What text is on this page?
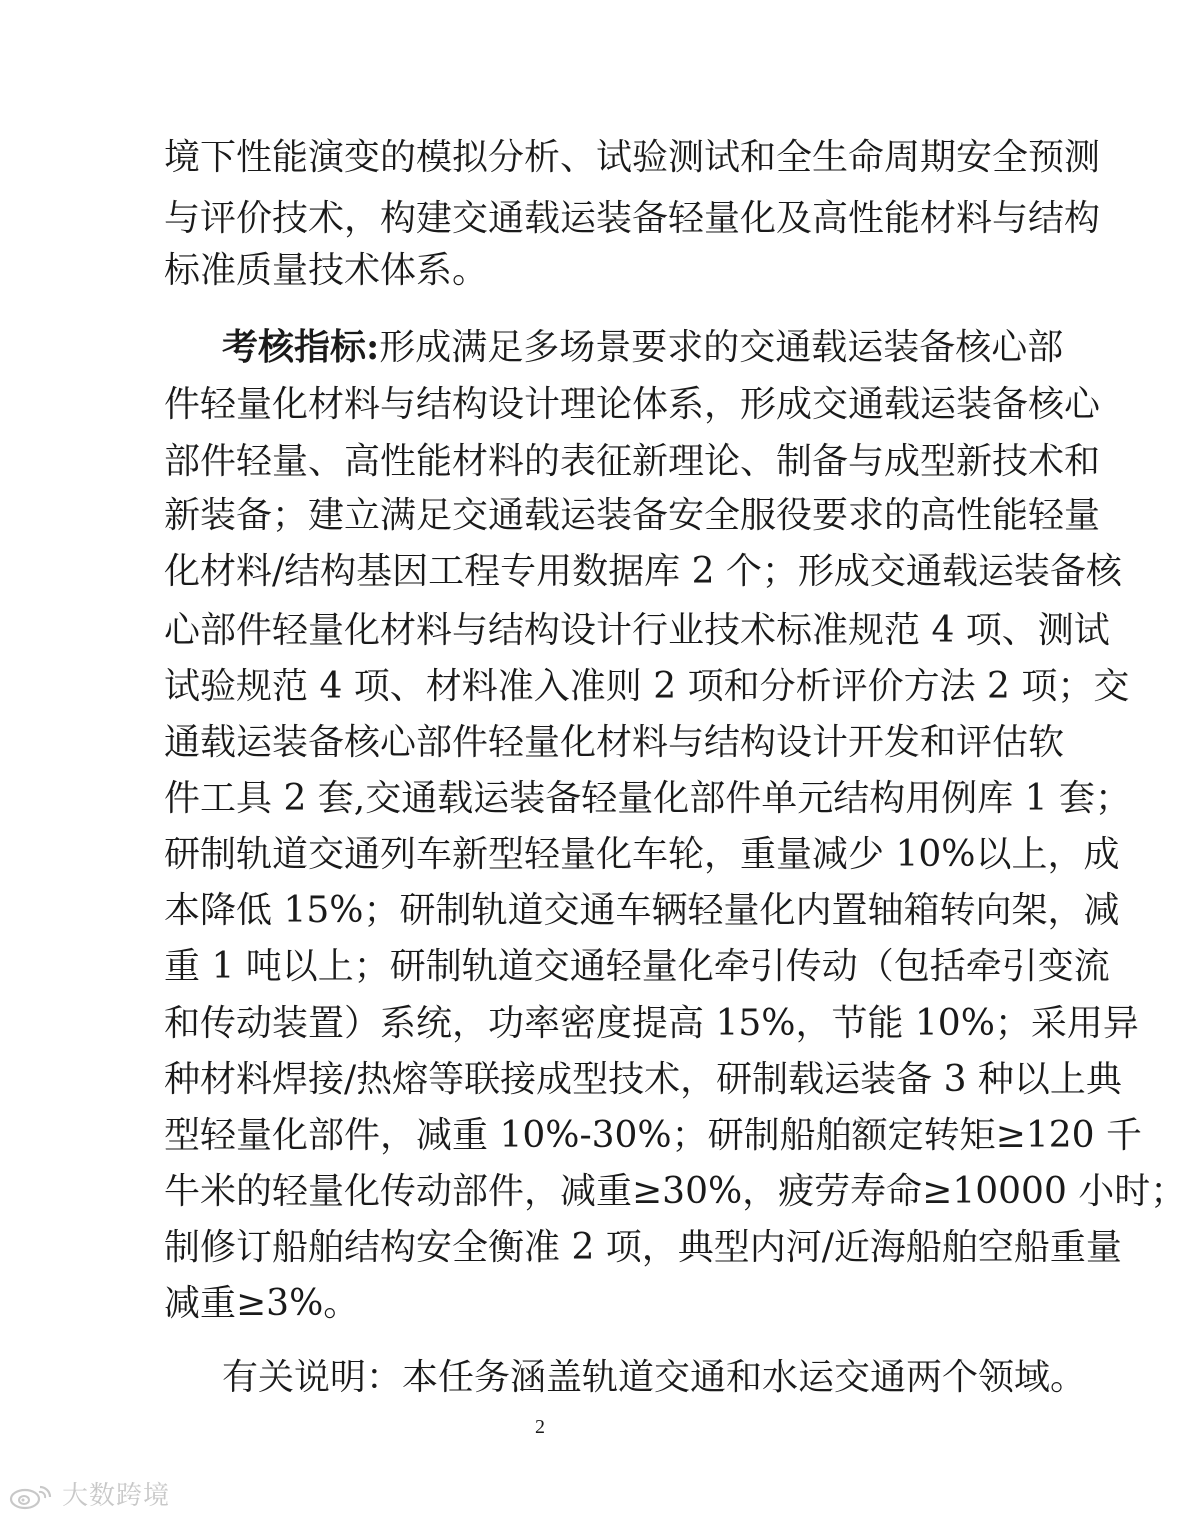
境下性能演变的模拟分析、试验测试和全生命周期安全预测
与评价技术，构建交通载运装备轻量化及高性能材料与结构
标准质量技术体系。
考核指标:形成满足多场景要求的交通载运装备核心部
件轻量化材料与结构设计理论体系，形成交通载运装备核心
部件轻量、高性能材料的表征新理论、制备与成型新技术和
新装备；建立满足交通载运装备安全服役要求的高性能轻量
化材料/结构基因工程专用数据库 2 个；形成交通载运装备核
心部件轻量化材料与结构设计行业技术标准规范 4 项、测试
试验规范 4 项、材料准入准则 2 项和分析评价方法 2 项；交
通载运装备核心部件轻量化材料与结构设计开发和评估软
件工具 2 套,交通载运装备轻量化部件单元结构用例库 1 套；
研制轨道交通列车新型轻量化车轮，重量减少 10%以上，成
本降低 15%；研制轨道交通车辆轻量化内置轴箱转向架，减
重 1 吨以上；研制轨道交通轻量化牵引传动（包括牵引变流
和传动装置）系统，功率密度提高 15%，节能 10%；采用异
种材料焊接/热熔等联接成型技术，研制载运装备 3 种以上典
型轻量化部件，减重 10%-30%；研制船舶额定转矩≥120 千
牛米的轻量化传动部件，减重≥30%，疲劳寿命≥10000 小时；
制修订船舶结构安全衡准 2 项，典型内河/近海船舶空船重量
减重≥3%。
有关说明：本任务涵盖轨道交通和水运交通两个领域。
2
大数跨境
